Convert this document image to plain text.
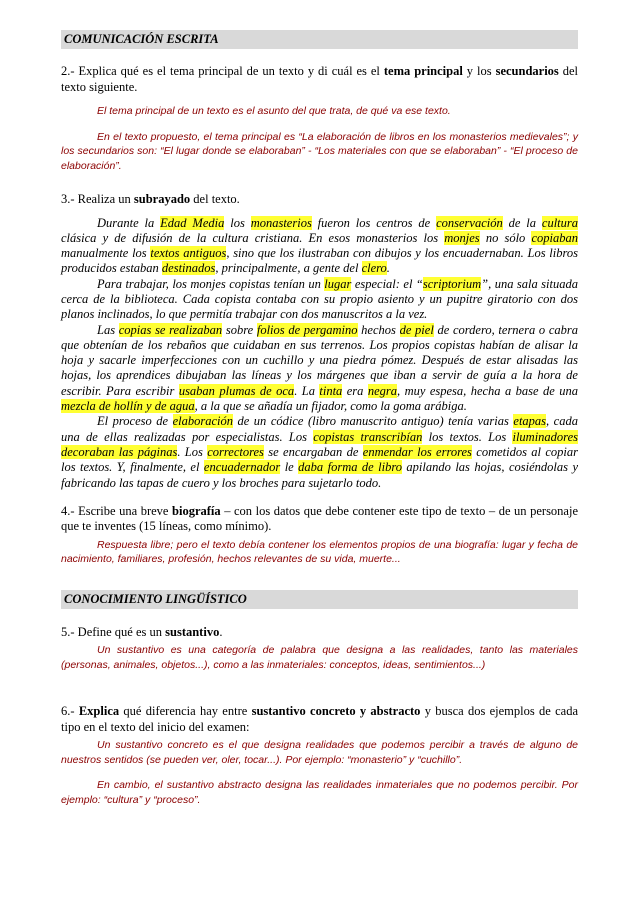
COMUNICACIÓN ESCRITA
2.- Explica qué es el tema principal de un texto y di cuál es el tema principal y los secundarios del texto siguiente.
El tema principal de un texto es el asunto del que trata, de qué va ese texto.
En el texto propuesto, el tema principal es “La elaboración de libros en los monasterios medievales”; y los secundarios son: “El lugar donde se elaboraban” - “Los materiales con que se elaboraban” - “El proceso de elaboración”.
3.- Realiza un subrayado del texto.

Durante la Edad Media los monasterios fueron los centros de conservación de la cultura clásica y de difusión de la cultura cristiana. En esos monasterios los monjes no sólo copiaban manualmente los textos antiguos, sino que los ilustraban con dibujos y los encuadernaban. Los libros producidos estaban destinados, principalmente, a gente del clero.

Para trabajar, los monjes copistas tenían un lugar especial: el “scriptorium”, una sala situada cerca de la biblioteca. Cada copista contaba con su propio asiento y un pupitre giratorio con dos planos inclinados, lo que permitía trabajar con dos manuscritos a la vez.

Las copias se realizaban sobre folios de pergamino hechos de piel de cordero, ternera o cabra que obtenían de los rebaños que cuidaban en sus terrenos. Los propios copistas habían de alisar la hoja y sacarle imperfecciones con un cuchillo y una piedra pómez. Después de estar alisadas las hojas, los aprendices dibujaban las líneas y los márgenes que iban a servir de guía a la hora de escribir. Para escribir usaban plumas de oca. La tinta era negra, muy espesa, hecha a base de una mezcla de hollín y de agua, a la que se añadía un fijador, como la goma arábiga.

El proceso de elaboración de un códice (libro manuscrito antiguo) tenía varias etapas, cada una de ellas realizadas por especialistas. Los copistas transcribían los textos. Los iluminadores decoraban las páginas. Los correctores se encargaban de enmendar los errores cometidos al copiar los textos. Y, finalmente, el encuadernador le daba forma de libro apilando las hojas, cosiéndolas y fabricando las tapas de cuero y los broches para sujetarlo todo.

4.- Escribe una breve biografía – con los datos que debe contener este tipo de texto – de un personaje que te inventes (15 líneas, como mínimo).
Respuesta libre; pero el texto debía contener los elementos propios de una biografía: lugar y fecha de nacimiento, familiares, profesión, hechos relevantes de su vida, muerte...
CONOCIMIENTO LINGÜÍSTICO
5.- Define qué es un sustantivo.
Un sustantivo es una categoría de palabra que designa a las realidades, tanto las materiales (personas, animales, objetos...), como a las inmateriales: conceptos, ideas, sentimientos...)
6.- Explica qué diferencia hay entre sustantivo concreto y abstracto y busca dos ejemplos de cada tipo en el texto del inicio del examen:
Un sustantivo concreto es el que designa realidades que podemos percibir a través de alguno de nuestros sentidos (se pueden ver, oler, tocar...). Por ejemplo: “monasterio” y “cuchillo”.
En cambio, el sustantivo abstracto designa las realidades inmateriales que no podemos percibir. Por ejemplo: “cultura” y “proceso”.
